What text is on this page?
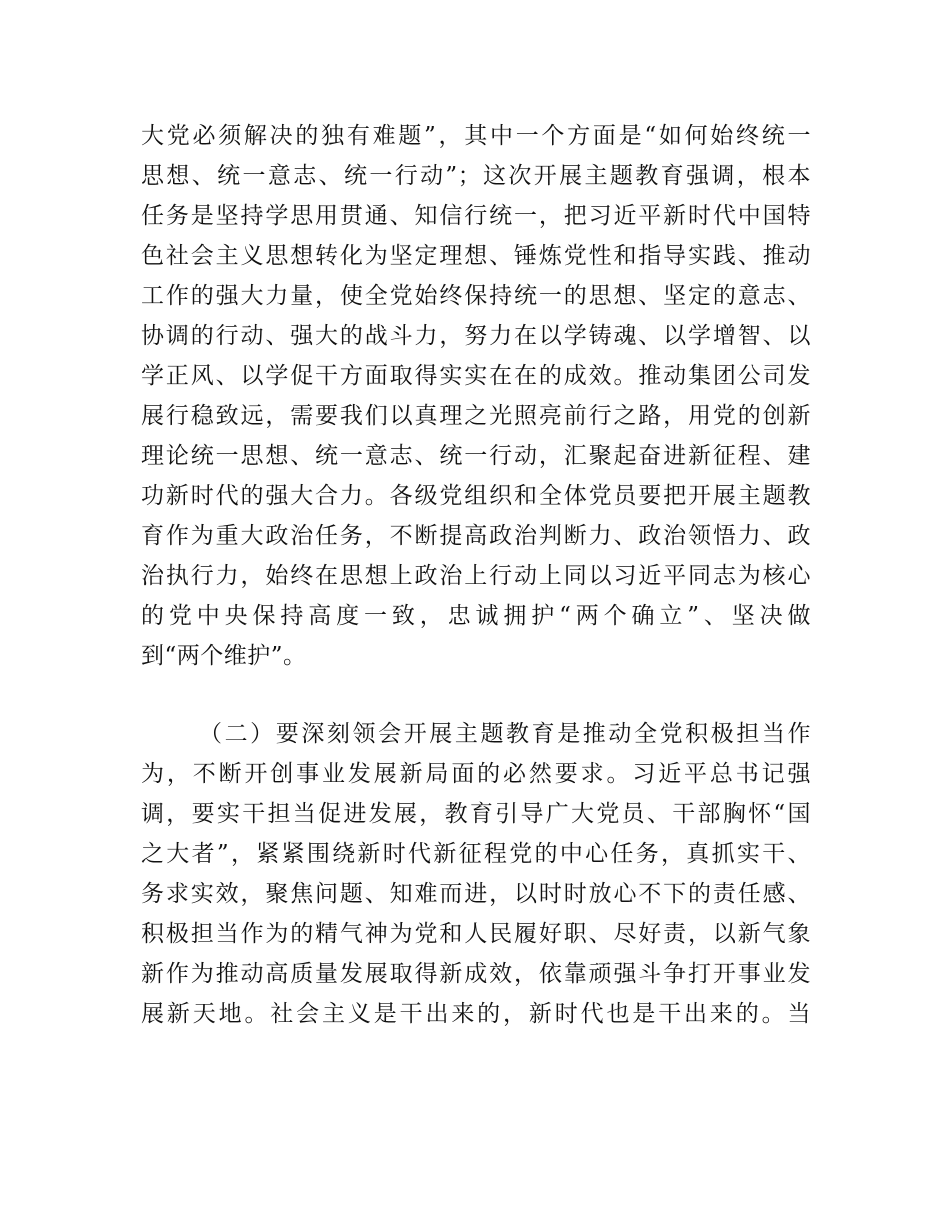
大党必须解决的独有难题”，其中一个方面是“如何始终统一
思想、统一意志、统一行动”；这次开展主题教育强调，根本
任务是坚持学思用贯通、知信行统一，把习近平新时代中国特
色社会主义思想转化为坚定理想、锤炼党性和指导实践、推动
工作的强大力量，使全党始终保持统一的思想、坚定的意志、
协调的行动、强大的战斗力，努力在以学铸魂、以学增智、以
学正风、以学促干方面取得实实在在的成效。推动集团公司发
展行稳致远，需要我们以真理之光照亮前行之路，用党的创新
理论统一思想、统一意志、统一行动，汇聚起奋进新征程、建
功新时代的强大合力。各级党组织和全体党员要把开展主题教
育作为重大政治任务，不断提高政治判断力、政治领悟力、政
治执行力，始终在思想上政治上行动上同以习近平同志为核心
的党中央保持高度一致，忠诚拥护“两个确立”、坚决做
到“两个维护”。
（二）要深刻领会开展主题教育是推动全党积极担当作
为，不断开创事业发展新局面的必然要求。习近平总书记强
调，要实干担当促进发展，教育引导广大党员、干部胸怀“国
之大者”，紧紧围绕新时代新征程党的中心任务，真抓实干、
务求实效，聚焦问题、知难而进，以时时放心不下的责任感、
积极担当作为的精气神为党和人民履好职、尽好责，以新气象
新作为推动高质量发展取得新成效，依靠顽强斗争打开事业发
展新天地。社会主义是干出来的，新时代也是干出来的。当
